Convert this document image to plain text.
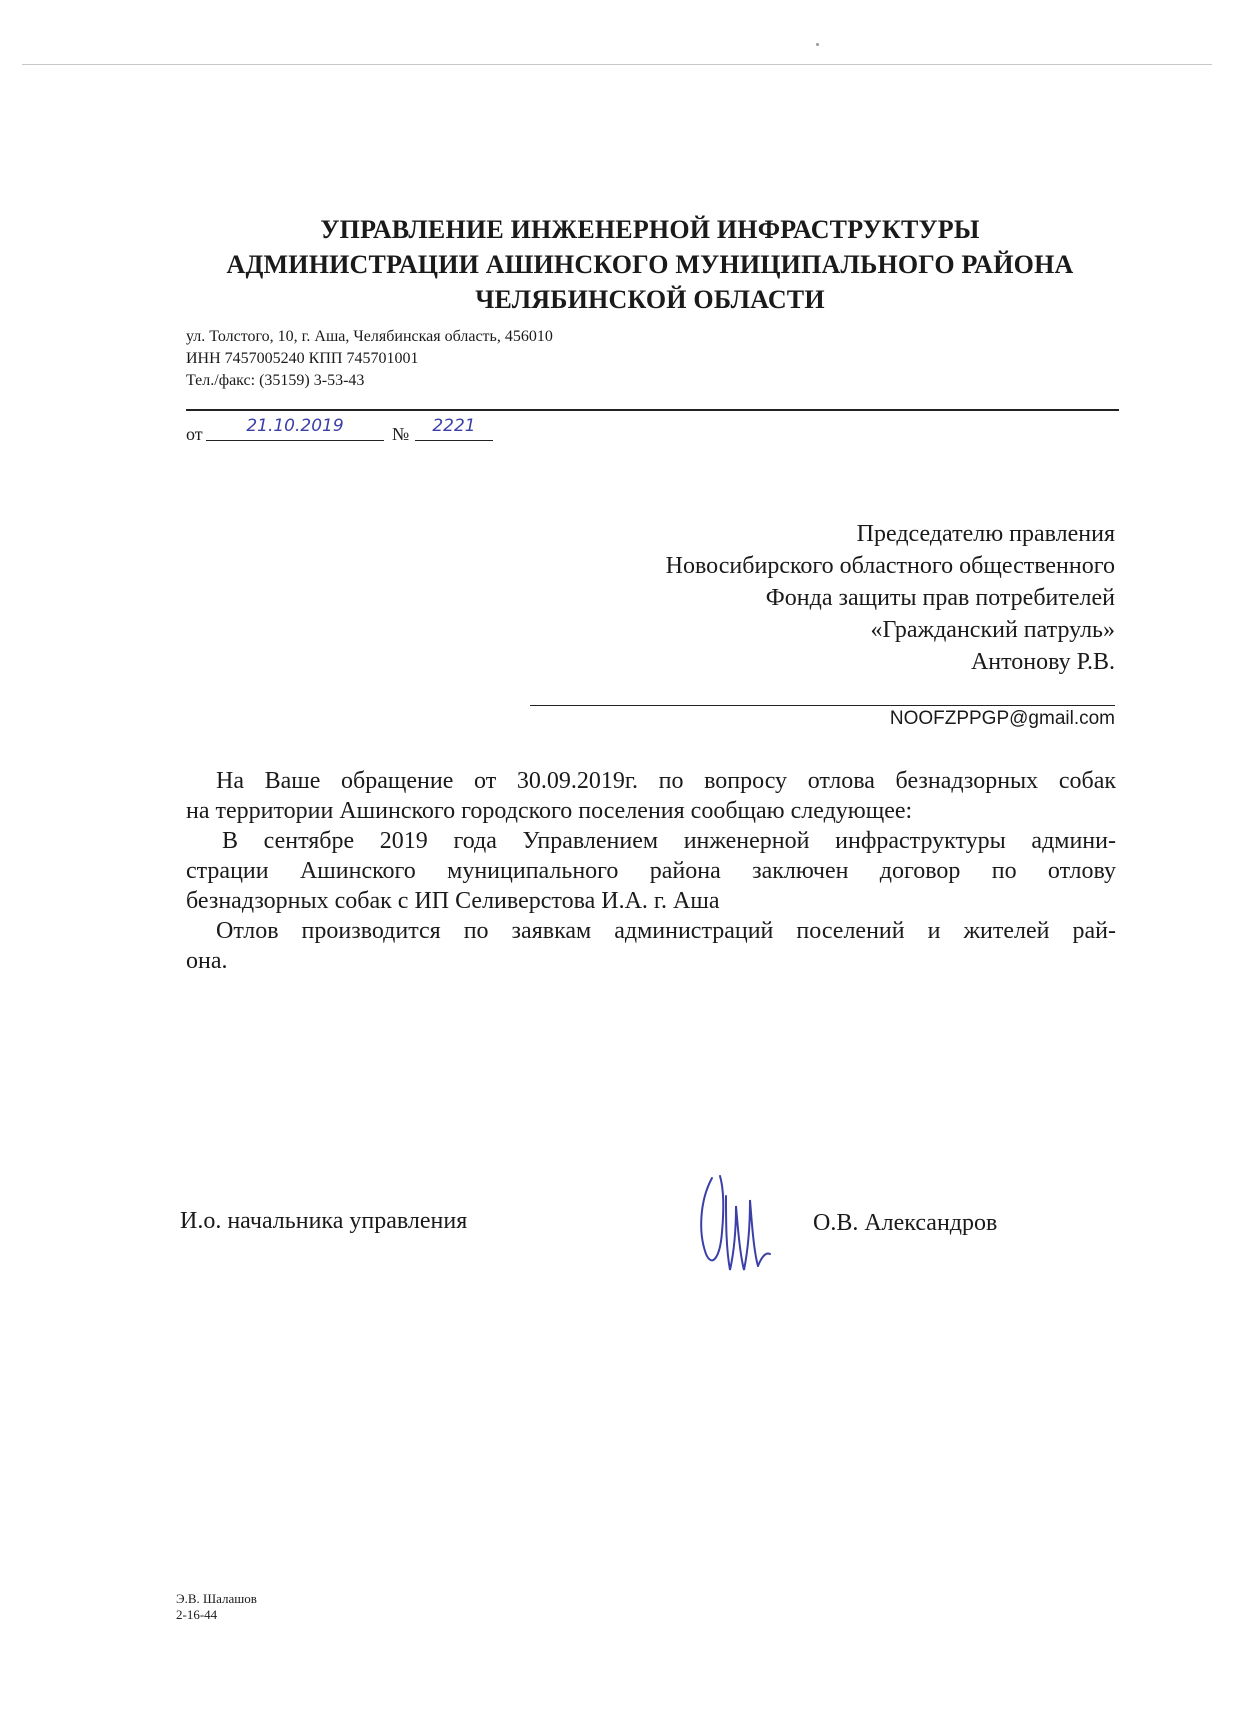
УПРАВЛЕНИЕ ИНЖЕНЕРНОЙ ИНФРАСТРУКТУРЫ
АДМИНИСТРАЦИИ АШИНСКОГО МУНИЦИПАЛЬНОГО РАЙОНА
ЧЕЛЯБИНСКОЙ ОБЛАСТИ
ул. Толстого, 10, г. Аша, Челябинская область, 456010
ИНН 7457005240 КПП 745701001
Тел./факс: (35159) 3-53-43
от	21.10.2019	№	2221
Председателю правления
Новосибирского областного общественного
Фонда защиты прав потребителей
«Гражданский патруль»
Антонову Р.В.
NOOFZPPGP@gmail.com
На Ваше обращение от 30.09.2019г. по вопросу отлова безнадзорных собак
на территории Ашинского городского поселения сообщаю следующее:
В сентябре 2019 года Управлением инженерной инфраструктуры админи-
страции Ашинского муниципального района заключен договор по отлову
безнадзорных собак с ИП Селиверстова И.А. г. Аша
Отлов производится по заявкам администраций поселений и жителей рай-
она.
И.о. начальника управления	О.В. Александров
Э.В. Шалашов
2-16-44
